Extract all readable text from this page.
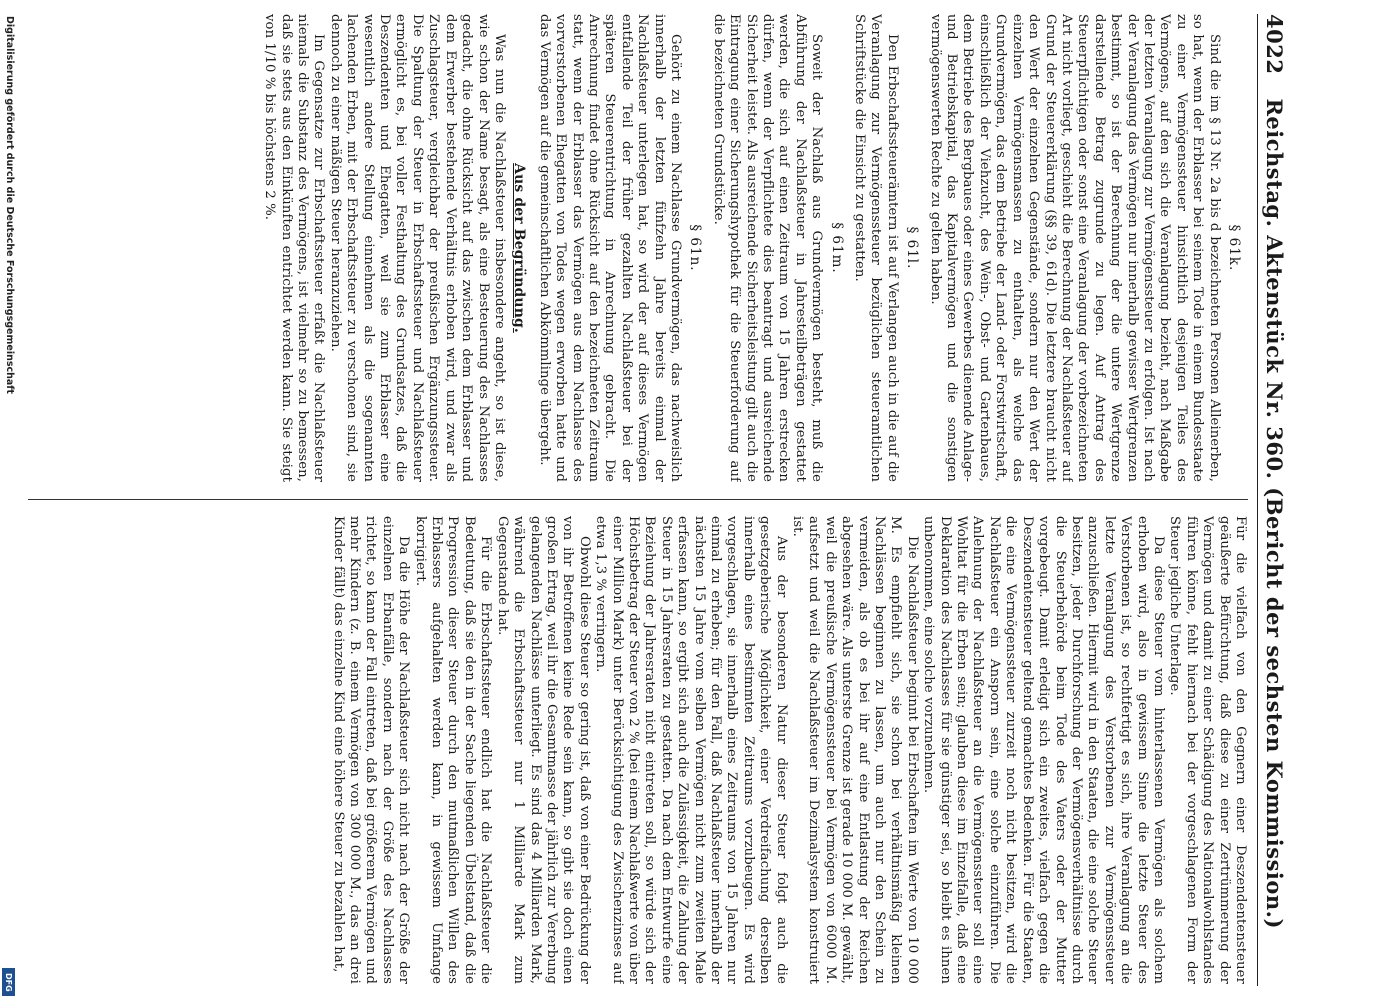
4022
Reichstag. Aktenstück Nr. 360. (Bericht der sechsten Kommission.)
§ 61k.

Sind die im § 13 Nr. 2a bis d bezeichneten Personen Alleinerben, so hat, wenn der Erblasser bei seinem Tode in einem Bundesstaate zu einer Vermögenssteuer hinsichtlich desjenigen Teiles des Vermögens, auf den sich die Veranlagung bezieht, nach Maßgabe der letzten Veranlagung zur Vermögenssteuer zu erfolgen. Ist nach der Veranlagung das Vermögen nur innerhalb gewisser Wertgrenzen bestimmt, so ist der Berechnung der die untere Wertgrenze darstellende Betrag zugrunde zu legen. Auf Antrag des Steuerpflichtigen oder sonst eine Veranlagung der vorbezeichneten Art nicht vorliegt, geschieht die Berechnung der Nachlaßsteuer auf Grund der Steuererklärung (§§ 39, 61d). Die letztere braucht nicht den Wert der einzelnen Gegenstände, sondern nur den Wert der einzelnen Vermögensmassen zu enthalten, als welche das Grundvermögen, das dem Betriebe der Land- oder Forstwirtschaft, einschließlich der Viehzucht, des Wein-, Obst- und Gartenbaues, dem Betriebe des Bergbaues oder eines Gewerbes dienende Anlage- und Betriebskapital, das Kapitalvermögen und die sonstigen vermögenswerten Rechte zu gelten haben.

§ 61l.

Den Erbschaftssteuerämtern ist auf Verlangen auch in die auf die Veranlagung zur Vermögenssteuer bezüglichen steueramtlichen Schriftstücke die Einsicht zu gestatten.

§ 61m.

Soweit der Nachlaß aus Grundvermögen besteht, muß die Abführung der Nachlaßsteuer in Jahresteilbeträgen gestattet werden, die sich auf einen Zeitraum von 15 Jahren erstrecken dürfen, wenn der Verpflichtete dies beantragt und ausreichende Sicherheit leistet. Als ausreichende Sicherheitsleistung gilt auch die Eintragung einer Sicherungshypothek für die Steuerforderung auf die bezeichneten Grundstücke.

§ 61n.

Gehört zu einem Nachlasse Grundvermögen, das nachweislich innerhalb der letzten fünfzehn Jahre bereits einmal der Nachlaßsteuer unterlegen hat, so wird der auf dieses Vermögen entfallende Teil der früher gezahlten Nachlaßsteuer bei der späteren Steuerentrichtung in Anrechnung gebracht. Die Anrechnung findet ohne Rücksicht auf den bezeichneten Zeitraum statt, wenn der Erblasser das Vermögen aus dem Nachlasse des vorverstorbenen Ehegatten von Todes wegen erworben hatte und das Vermögen auf die gemeinschaftlichen Abkömmlinge übergeht.

Aus der Begründung.

Was nun die Nachlaßsteuer insbesondere angeht, so ist diese, wie schon der Name besagt, als eine Besteuerung des Nachlasses gedacht, die ohne Rücksicht auf das zwischen dem Erblasser und dem Erwerber bestehende Verhältnis erhoben wird, und zwar als Zuschlagsteuer, vergleichbar der preußischen Ergänzungssteuer. Die Spaltung der Steuer in Erbschaftssteuer und Nachlaßsteuer ermöglicht es, bei voller Festhaltung des Grundsatzes, daß die Deszendenten und Ehegatten, weil sie zum Erblasser eine wesentlich andere Stellung einnehmen als die sogenannten lachenden Erben, mit der Erbschaftssteuer zu verschonen sind, sie dennoch zu einer mäßigen Steuer heranzuziehen.

Im Gegensatze zur Erbschaftssteuer erfaßt die Nachlaßsteuer niemals die Substanz des Vermögens, ist vielmehr so zu bemessen, daß sie stets aus den Einkünften entrichtet werden kann. Sie steigt von 1/10 % bis höchstens 2 %.

Für die vielfach von den Gegnern einer Deszendentensteuer geäußerte Befürchtung, daß diese zu einer Zertrümmerung der Vermögen und damit zu einer Schädigung des Nationalwohlstandes führen könne, fehlt hiernach bei der vorgeschlagenen Form der Steuer jegliche Unterlage.

Da diese Steuer vom hinterlassenen Vermögen als solchem erhoben wird, also in gewissem Sinne die letzte Steuer des Verstorbenen ist, so rechtfertigt es sich, ihre Veranlagung an die letzte Veranlagung des Verstorbenen zur Vermögenssteuer anzuschließen. Hiermit wird in den Staaten, die eine solche Steuer besitzen, jeder Durchforschung der Vermögensverhältnisse durch die Steuerbehörde beim Tode des Vaters oder der Mutter vorgebeugt. Damit erledigt sich ein zweites, vielfach gegen die Deszendentensteuer geltend gemachtes Bedenken. Für die Staaten, die eine Vermögenssteuer zurzeit noch nicht besitzen, wird die Nachlaßsteuer ein Ansporn sein, eine solche einzuführen. Die Anlehnung der Nachlaßsteuer an die Vermögenssteuer soll eine Wohltat für die Erben sein; glauben diese im Einzelfalle, daß eine Deklaration des Nachlasses für sie günstiger sei, so bleibt es ihnen unbenommen, eine solche vorzunehmen.

Die Nachlaßsteuer beginnt bei Erbschaften im Werte von 10 000 M. Es empfiehlt sich, sie schon bei verhältnismäßig kleinen Nachlässen beginnen zu lassen, um auch nur den Schein zu vermeiden, als ob es bei ihr auf eine Entlastung der Reichen abgesehen wäre. Als unterste Grenze ist gerade 10 000 M. gewählt, weil die preußische Vermögenssteuer bei Vermögen von 6000 M. aufsetzt und weil die Nachlaßsteuer im Dezimalsystem konstruiert ist.

Aus der besonderen Natur dieser Steuer folgt auch die gesetzgeberische Möglichkeit, einer Verdreifachung derselben innerhalb eines bestimmten Zeitraums vorzubeugen. Es wird vorgeschlagen, sie innerhalb eines Zeitraums von 15 Jahren nur einmal zu erheben; für den Fall, daß Nachlaßsteuer innerhalb der nächsten 15 Jahre vom selben Vermögen nicht zum zweiten Male erfassen kann, so ergibt sich auch die Zulässigkeit, die Zahlung der Steuer in 15 Jahresraten zu gestatten. Da nach dem Entwurfe eine Beziehung der Jahresraten nicht eintreten soll, so würde sich der Höchstbetrag der Steuer von 2 % (bei einem Nachlaßwerte von über einer Million Mark) unter Berücksichtigung des Zwischenzinses auf etwa 1,3 % verringern.

Obwohl diese Steuer so gering ist, daß von einer Bedrückung der von ihr Betroffenen keine Rede sein kann, so gibt sie doch einen großen Ertrag, weil ihr die Gesamtmasse der jährlich zur Vererbung gelangenden Nachlässe unterliegt. Es sind das 4 Milliarden Mark, während die Erbschaftssteuer nur 1 Milliarde Mark zum Gegenstande hat.

Für die Erbschaftssteuer endlich hat die Nachlaßsteuer die Bedeutung, daß sie den in der Sache liegenden Übelstand, daß die Progression dieser Steuer durch den mutmaßlichen Willen des Erblassers aufgehalten werden kann, in gewissem Umfange korrigiert.

Da die Höhe der Nachlaßsteuer sich nicht nach der Größe der einzelnen Erbanfälle, sondern nach der Größe des Nachlasses richtet, so kann der Fall eintreten, daß bei größerem Vermögen und mehr Kindern (z. B. einem Vermögen von 300 000 M., das an drei Kinder fällt) das einzelne Kind eine höhere Steuer zu bezahlen hat,

Digitalisierung gefördert durch die Deutsche Forschungsgemeinschaft
DFG
